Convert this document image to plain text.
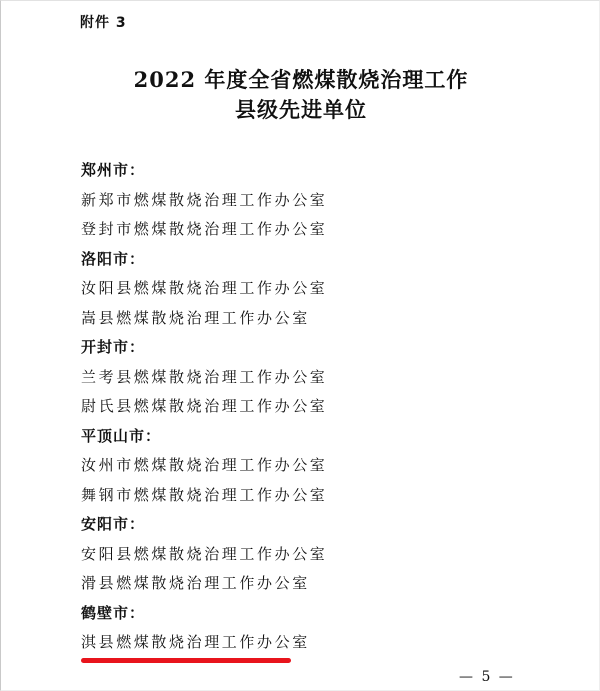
附件 3
2022 年度全省燃煤散烧治理工作
县级先进单位
郑州市：
新郑市燃煤散烧治理工作办公室
登封市燃煤散烧治理工作办公室
洛阳市：
汝阳县燃煤散烧治理工作办公室
嵩县燃煤散烧治理工作办公室
开封市：
兰考县燃煤散烧治理工作办公室
尉氏县燃煤散烧治理工作办公室
平顶山市：
汝州市燃煤散烧治理工作办公室
舞钢市燃煤散烧治理工作办公室
安阳市：
安阳县燃煤散烧治理工作办公室
滑县燃煤散烧治理工作办公室
鹤壁市：
淇县燃煤散烧治理工作办公室
— 5 —
